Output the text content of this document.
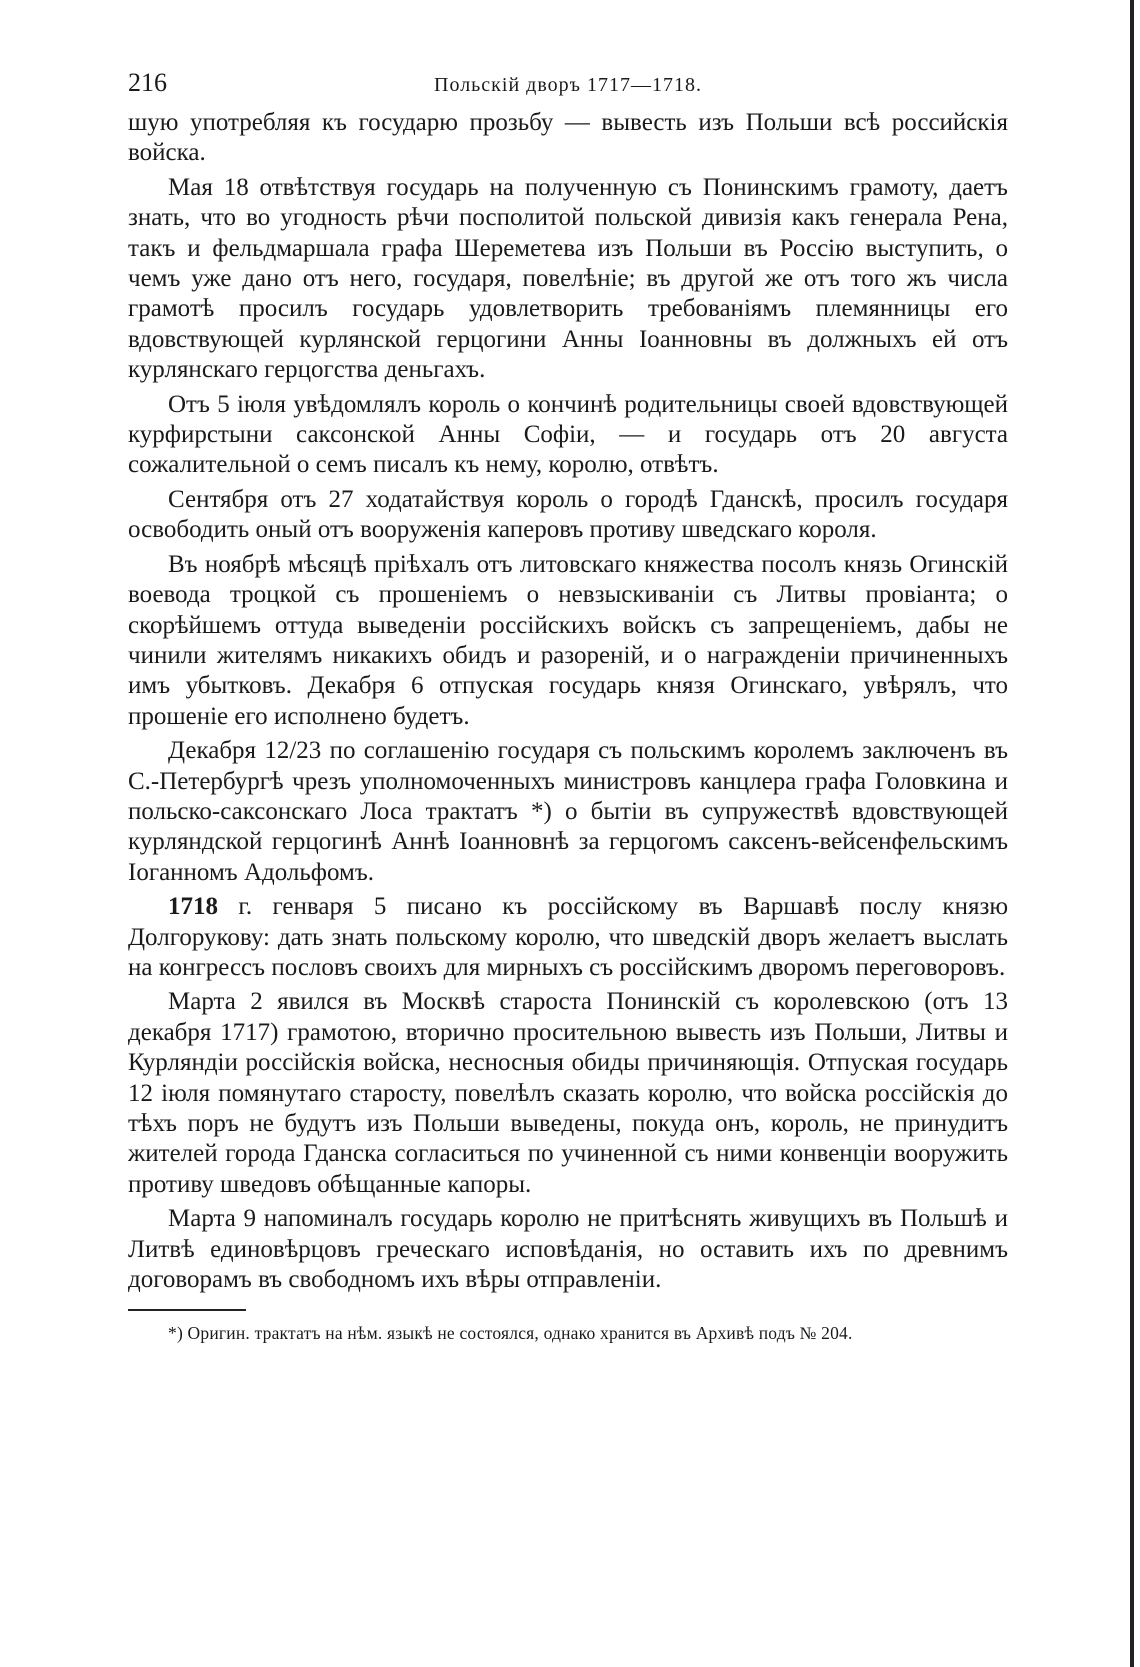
216	Польскій дворъ 1717—1718.

шую употребляя къ государю прозьбу — вывесть изъ Польши всѣ российскія войска.

Мая 18 отвѣтствуя государь на полученную съ Понинскимъ грамоту, даетъ знать, что во угодность рѣчи посполитой польской дивизія какъ генерала Рена, такъ и фельдмаршала графа Шереметева изъ Польши въ Россію выступить, о чемъ уже дано отъ него, государя, повелѣніе; въ другой же отъ того жъ числа грамотѣ просилъ государь удовлетворить требованіямъ племянницы его вдовствующей курлянской герцогини Анны Іоанновны въ должныхъ ей отъ курлянскаго герцогства деньгахъ.

Отъ 5 іюля увѣдомлялъ король о кончинѣ родительницы своей вдовствующей курфирстыни саксонской Анны Софіи, — и государь отъ 20 августа сожалительной о семъ писалъ къ нему, королю, отвѣтъ.

Сентября отъ 27 ходатайствуя король о городѣ Гданскѣ, просилъ государя освободить оный отъ вооруженія каперовъ противу шведскаго короля.

Въ ноябрѣ мѣсяцѣ пріѣхалъ отъ литовскаго княжества посолъ князь Огинскій воевода троцкой съ прошеніемъ о невзыскиваніи съ Литвы провіанта; о скорѣйшемъ оттуда выведеніи россійскихъ войскъ съ запрещеніемъ, дабы не чинили жителямъ никакихъ обидъ и разореній, и о награжденіи причиненныхъ имъ убытковъ. Декабря 6 отпуская государь князя Огинскаго, увѣрялъ, что прошеніе его исполнено будетъ.

Декабря 12/23 по соглашенію государя съ польскимъ королемъ заключенъ въ С.-Петербургѣ чрезъ уполномоченныхъ министровъ канцлера графа Головкина и польско-саксонскаго Лоса трактатъ *) о бытіи въ супружествѣ вдовствующей курляндской герцогинѣ Аннѣ Іоанновнѣ за герцогомъ саксенъ-вейсенфельскимъ Іоганномъ Адольфомъ.

1718 г. генваря 5 писано къ россійскому въ Варшавѣ послу князю Долгорукову: дать знать польскому королю, что шведскій дворъ желаетъ выслать на конгрессъ пословъ своихъ для мирныхъ съ россійскимъ дворомъ переговоровъ.

Марта 2 явился въ Москвѣ староста Понинскій съ королевскою (отъ 13 декабря 1717) грамотою, вторично просительною вывесть изъ Польши, Литвы и Курляндіи россійскія войска, несносныя обиды причиняющія. Отпуская государь 12 іюля помянутаго старосту, повелѣлъ сказать королю, что войска россійскія до тѣхъ поръ не будутъ изъ Польши выведены, покуда онъ, король, не принудитъ жителей города Гданска согласиться по учиненной съ ними конвенціи вооружить противу шведовъ обѣщанные капоры.

Марта 9 напоминалъ государь королю не притѣснять живущихъ въ Польшѣ и Литвѣ единовѣрцовъ греческаго исповѣданія, но оставить ихъ по древнимъ договорамъ въ свободномъ ихъ вѣры отправленіи.

*) Оригин. трактатъ на нѣм. языкѣ не состоялся, однако хранится въ Архивѣ подъ № 204.
